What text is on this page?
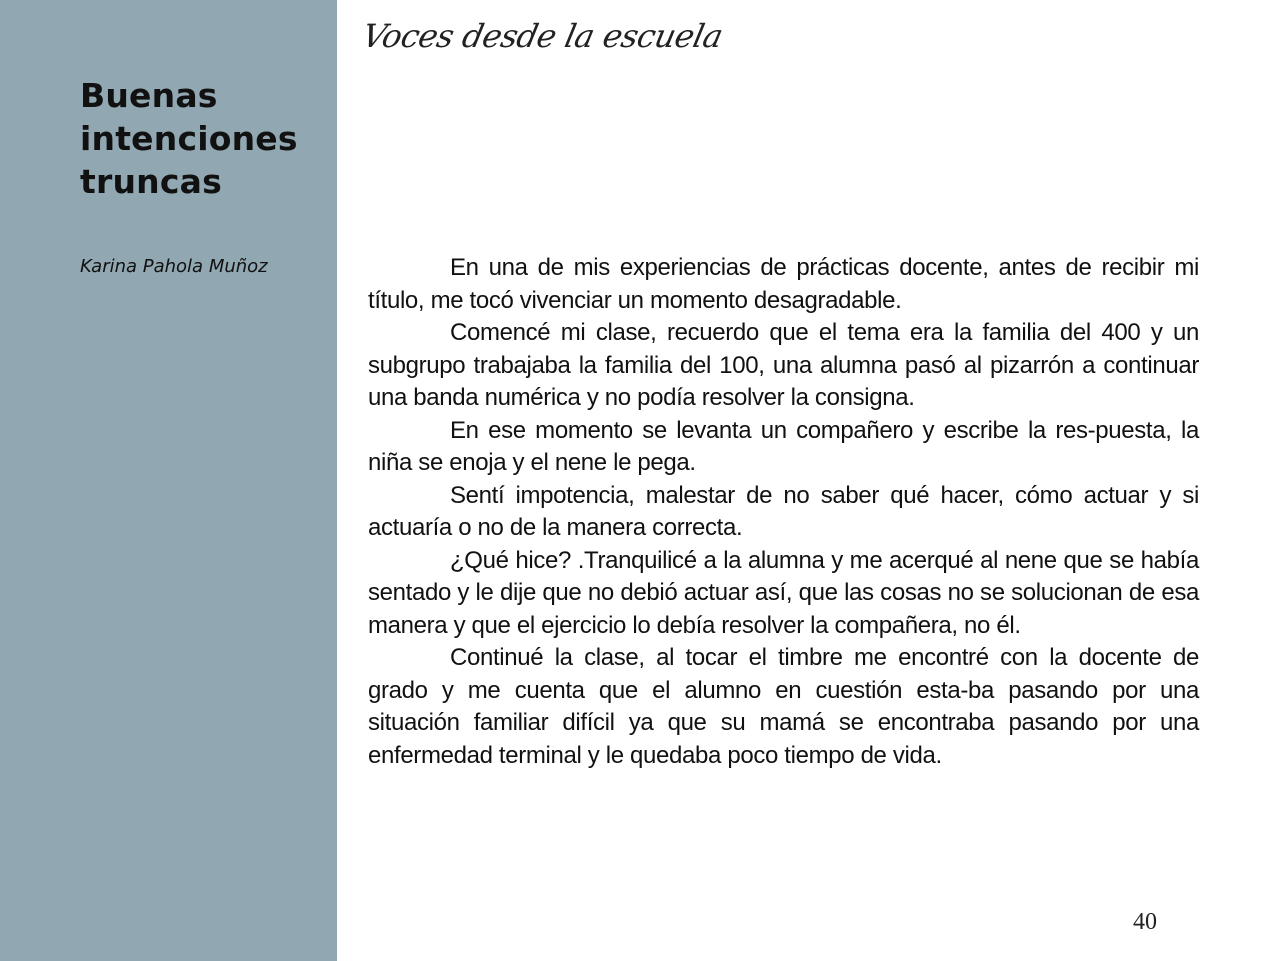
Buenas intenciones truncas
Karina Pahola Muñoz
Voces desde la escuela

En una de mis experiencias de prácticas docente, antes de recibir mi título, me tocó vivenciar un momento desagradable.

Comencé mi clase, recuerdo que el tema era la familia del 400 y un subgrupo trabajaba la familia del 100, una alumna pasó al pizarrón a continuar una banda numérica y no podía resolver la consigna.

En ese momento se levanta un compañero y escribe la res-puesta, la niña se enoja y el nene le pega.

Sentí impotencia, malestar de no saber qué hacer, cómo actuar y si actuaría o no de la manera correcta.

¿Qué hice? .Tranquilicé a la alumna y me acerqué al nene que se había sentado y le dije que no debió actuar así, que las cosas no se solucionan de esa manera y que el ejercicio lo debía resolver la compañera, no él.

Continué la clase, al tocar el timbre me encontré con la docente de grado y me cuenta que el alumno en cuestión esta-ba pasando por una situación familiar difícil ya que su mamá se encontraba pasando por una enfermedad terminal y le quedaba poco tiempo de vida.

40
